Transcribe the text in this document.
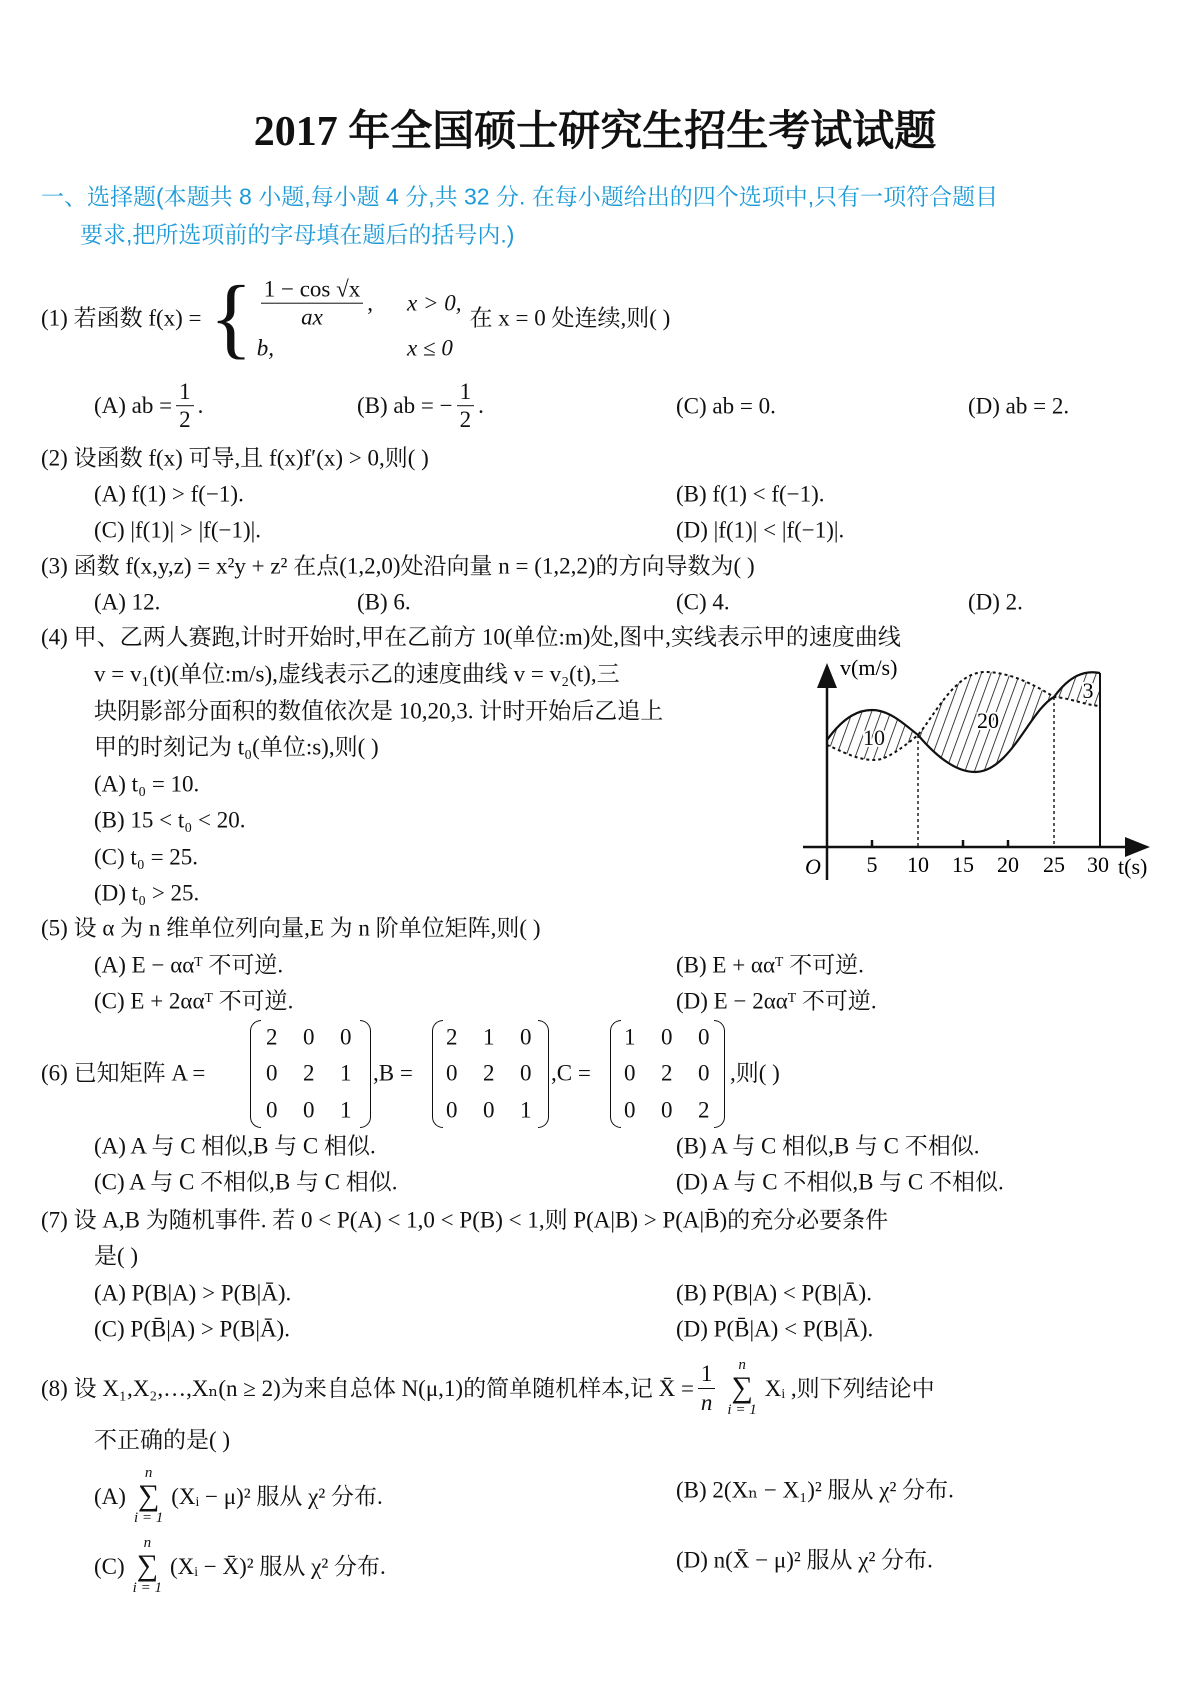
2017 年全国硕士研究生招生考试试题
一、选择题(本题共 8 小题,每小题 4 分,共 32 分. 在每小题给出的四个选项中,只有一项符合题目
要求,把所选项前的字母填在题后的括号内.)
(1) 若函数 f(x) = { $\frac{1 - \cos √x}{ax}$ , x > 0,
b,	x ≤ 0
在 x = 0 处连续,则( )
(A) ab = $\frac{1}{2}$ .	(B) ab = − $\frac{1}{2}$ .	(C) ab = 0.	(D) ab = 2.
(2) 设函数 f(x) 可导,且 f(x)f′(x) > 0,则( )
(A) f(1) > f(−1).	(B) f(1) < f(−1).
(C) |f(1)| > |f(−1)|.	(D) |f(1)| < |f(−1)|.
(3) 函数 f(x,y,z) = x²y + z² 在点(1,2,0)处沿向量 n = (1,2,2)的方向导数为( )
(A) 12.	(B) 6.	(C) 4.	(D) 2.
(4) 甲、乙两人赛跑,计时开始时,甲在乙前方 10(单位:m)处,图中,实线表示甲的速度曲线
v = v₁(t)(单位:m/s),虚线表示乙的速度曲线 v = v₂(t),三
块阴影部分面积的数值依次是 10,20,3. 计时开始后乙追上
甲的时刻记为 t₀(单位:s),则( )
(A) t₀ = 10.
(B) 15 < t₀ < 20.
(C) t₀ = 25.
(D) t₀ > 25.
v(m/s)
t(s)
O 5 10 15 20 25 30
10
20
3
(5) 设 α 为 n 维单位列向量,E 为 n 阶单位矩阵,则( )
(A) E − ααᵀ 不可逆.	(B) E + ααᵀ 不可逆.
(C) E + 2ααᵀ 不可逆.	(D) E − 2ααᵀ 不可逆.
(6) 已知矩阵 A =
2 0 0
0 2 1
0 0 1
,B =
2 1 0
0 2 0
0 0 1
,C =
1 0 0
0 2 0
0 0 2
,则( )
(A) A 与 C 相似,B 与 C 相似.	(B) A 与 C 相似,B 与 C 不相似.
(C) A 与 C 不相似,B 与 C 相似.	(D) A 与 C 不相似,B 与 C 不相似.
(7) 设 A,B 为随机事件. 若 0 < P(A) < 1,0 < P(B) < 1,则 P(A|B) > P(A|B̄)的充分必要条件
是( )
(A) P(B|A) > P(B|Ā).	(B) P(B|A) < P(B|Ā).
(C) P(B̄|A) > P(B|Ā).	(D) P(B̄|A) < P(B|Ā).
(8) 设 X₁,X₂,…,Xₙ(n ≥ 2)为来自总体 N(μ,1)的简单随机样本,记 X̄ = $\frac{1}{n}$ n
∑
i = 1
Xᵢ ,则下列结论中
不正确的是( )
(A)
n
∑
i = 1
(Xᵢ − μ)² 服从 χ² 分布.	(B) 2(Xₙ − X₁)² 服从 χ² 分布.
(C)
n
∑
i = 1
(Xᵢ − X̄)² 服从 χ² 分布.	(D) n(X̄ − μ)² 服从 χ² 分布.
